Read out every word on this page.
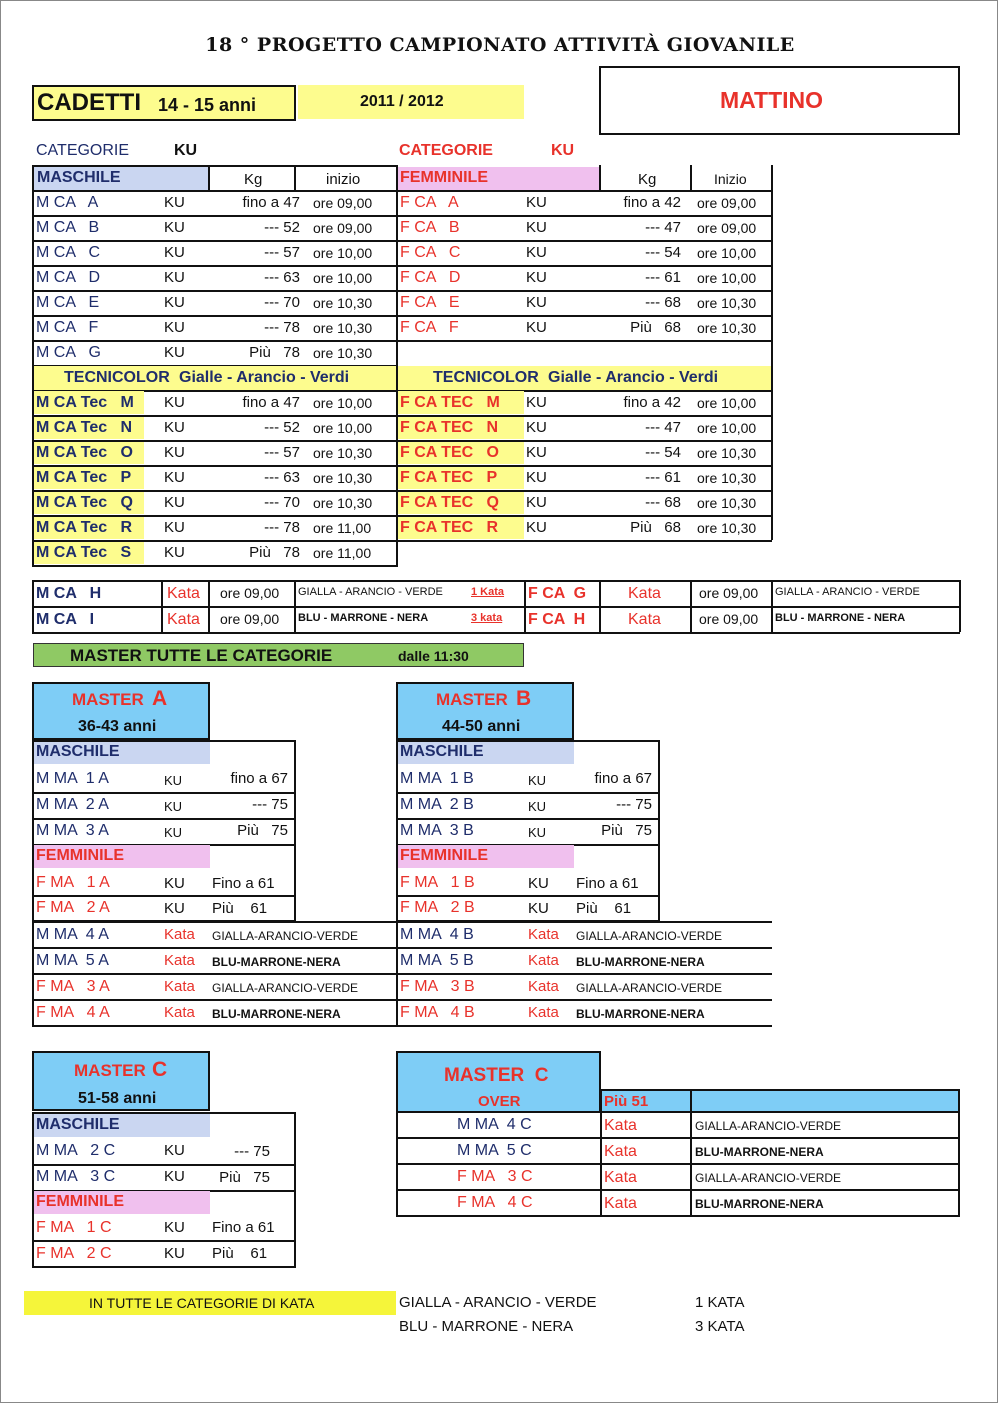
18 ° PROGETTO CAMPIONATO ATTIVITÀ GIOVANILE
CADETTI 14 - 15 anni	2011 / 2012	MATTINO
CATEGORIE	KU	CATEGORIE	KU
MASCHILE	Kg	inizio FEMMINILE	Kg	Inizio
M CA   A	KU	fino a 47 ore 09,00
M CA   B	KU	--- 52 ore 09,00
M CA   C	KU	--- 57 ore 10,00
M CA   D	KU	--- 63 ore 10,00
M CA   E	KU	--- 70 ore 10,30
M CA   F	KU	--- 78 ore 10,30
M CA   G	KU	Più   78 ore 10,30
F CA   A	KU	fino a 42 ore 09,00
F CA   B	KU	--- 47 ore 09,00
F CA   C	KU	--- 54 ore 10,00
F CA   D	KU	--- 61 ore 10,00
F CA   E	KU	--- 68 ore 10,30
F CA   F	KU	Più   68 ore 10,30
TECNICOLOR Gialle - Arancio - Verdi	TECNICOLOR Gialle - Arancio - Verdi
M CA Tec   M KU	fino a 47 ore 10,00
M CA Tec   N KU	--- 52 ore 10,00
M CA Tec   O KU	--- 57 ore 10,30
M CA Tec   P KU	--- 63 ore 10,30
M CA Tec   Q KU	--- 70 ore 10,30
M CA Tec   R KU	--- 78 ore 11,00
M CA Tec   S KU	Più   78 ore 11,00
F CA TEC   M KU	fino a 42 ore 10,00
F CA TEC   N KU	--- 47 ore 10,00
F CA TEC   O KU	--- 54 ore 10,30
F CA TEC   P KU	--- 61 ore 10,30
F CA TEC   Q KU	--- 68 ore 10,30
F CA TEC   R KU	Più   68 ore 10,30
M CA   H	Kata ore 09,00 GIALLA - ARANCIO - VERDE	1 Kata F CA  G	Kata	ore 09,00 GIALLA - ARANCIO - VERDE
M CA   I	Kata ore 09,00 BLU - MARRONE - NERA	3 kata F CA  H	Kata	ore 09,00 BLU - MARRONE - NERA
MASTER TUTTE LE CATEGORIE	dalle 11:30
MASTER A
36-43 anni
MASCHILE
M MA  1 A	KU	fino a 67
M MA  2 A	KU	--- 75
M MA  3 A	KU	Più   75
FEMMINILE
F MA   1 A	KU Fino a 61
F MA   2 A	KU Più    61
M MA  4 A	Kata GIALLA-ARANCIO-VERDE
M MA  5 A	Kata BLU-MARRONE-NERA
F MA   3 A	Kata GIALLA-ARANCIO-VERDE
F MA   4 A	Kata BLU-MARRONE-NERA
MASTER B
44-50 anni
MASCHILE
M MA  1 B	KU	fino a 67
M MA  2 B	KU	--- 75
M MA  3 B	KU	Più   75
FEMMINILE
F MA   1 B	KU Fino a 61
F MA   2 B	KU Più    61
M MA  4 B	Kata GIALLA-ARANCIO-VERDE
M MA  5 B	Kata BLU-MARRONE-NERA
F MA   3 B	Kata GIALLA-ARANCIO-VERDE
F MA   4 B	Kata BLU-MARRONE-NERA
MASTER C
51-58 anni
MASCHILE
M MA   2 C	KU	--- 75
M MA   3 C	KU	Più   75
FEMMINILE
F MA   1 C	KU Fino a 61
F MA   2 C	KU Più    61
MASTER  C
OVER	Più 51
M MA  4 C	Kata	GIALLA-ARANCIO-VERDE
M MA  5 C	Kata	BLU-MARRONE-NERA
F MA   3 C	Kata	GIALLA-ARANCIO-VERDE
F MA   4 C	Kata	BLU-MARRONE-NERA
IN TUTTE LE CATEGORIE DI KATA	GIALLA - ARANCIO - VERDE	1 KATA
BLU - MARRONE - NERA	3 KATA
